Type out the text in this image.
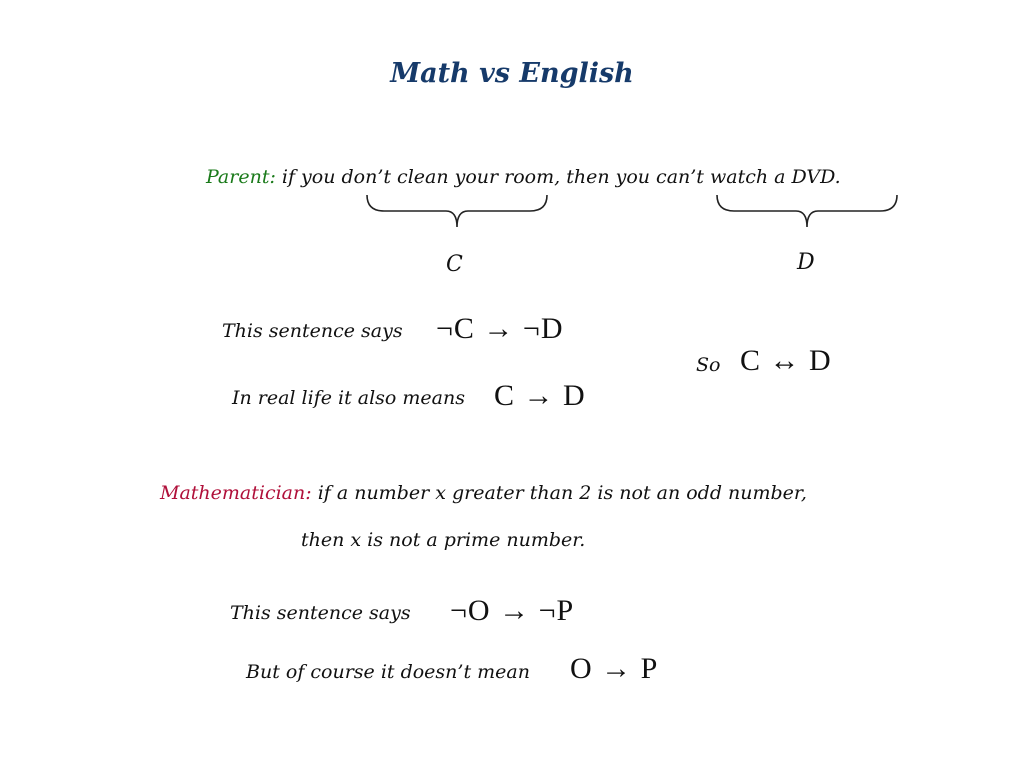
Math vs English
Parent: if you don’t clean your room, then you can’t watch a DVD.
C	D
This sentence says ¬C → ¬D
In real life it also means C → D
So C ↔ D
Mathematician: if a number x greater than 2 is not an odd number,
then x is not a prime number.
This sentence says ¬O → ¬P
But of course it doesn’t mean O → P
